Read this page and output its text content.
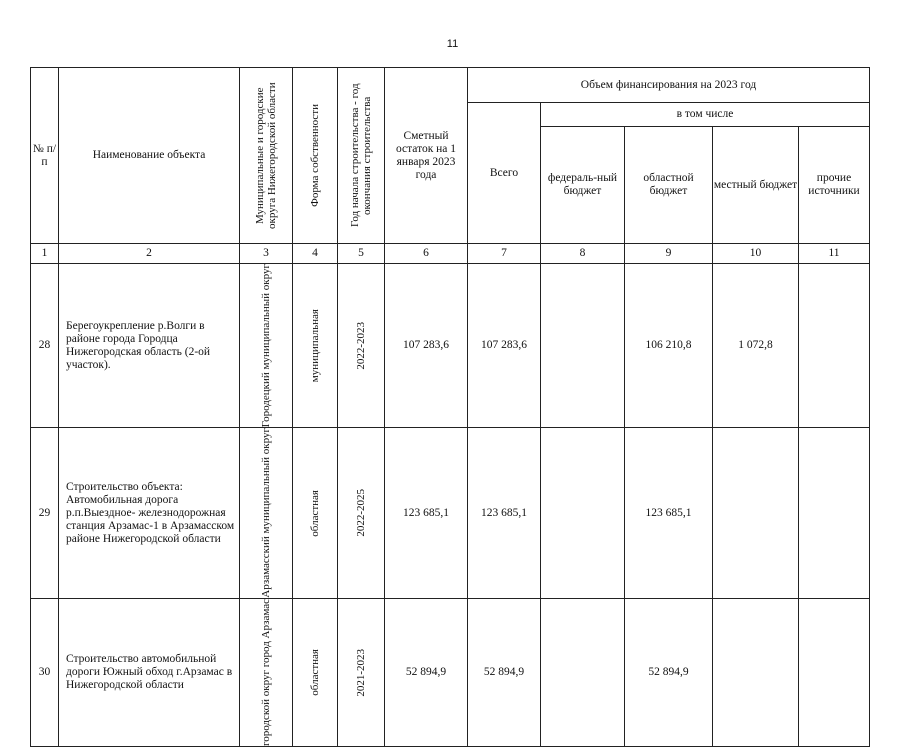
11
№ п/п	Наименование объекта	Муниципальные и городские округа Нижегородской области	Форма собственности	Год начала строительства - год окончания строительства	Сметный остаток на 1 января 2023 года	Объем финансирования на 2023 год				
						Всего	в том числе			
							федераль-ный бюджет	областной бюджет	местный бюджет	прочие источники
1	2	3	4	5	6	7	8	9	10	11
28	Берегоукрепление р.Волги в районе города Городца Нижегородская область (2-ой участок).	Городецкий муниципальный округ	муниципальная	2022-2023	107 283,6	107 283,6		106 210,8	1 072,8	
29	Строительство объекта: Автомобильная дорога р.п.Выездное- железнодорожная станция Арзамас-1 в Арзамасском районе Нижегородской области	Арзамасский муниципальный округ	областная	2022-2025	123 685,1	123 685,1		123 685,1		
30	Строительство автомобильной дороги Южный обход г.Арзамас в Нижегородской области	городской округ город Арзамас	областная	2021-2023	52 894,9	52 894,9		52 894,9		
